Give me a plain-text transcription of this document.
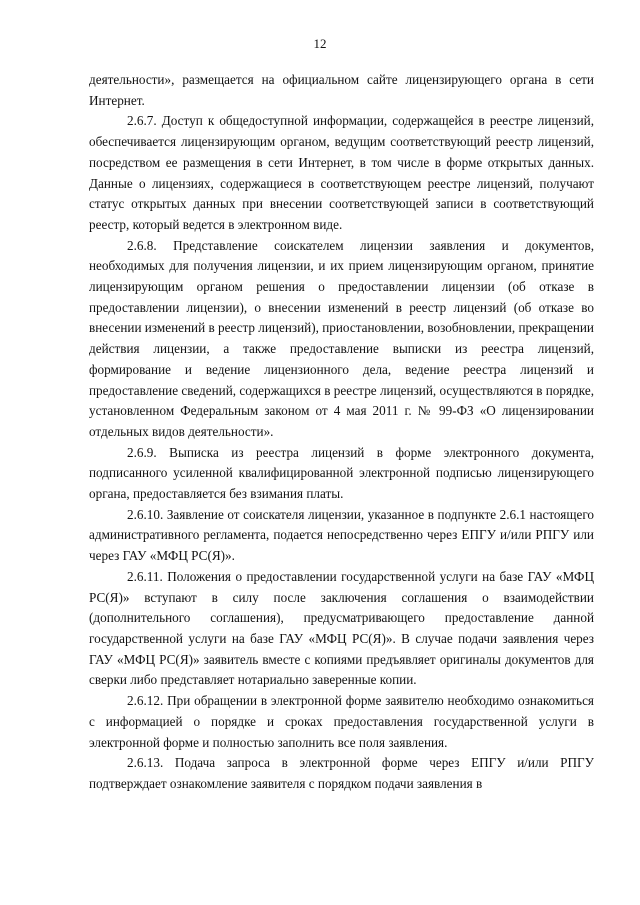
12

деятельности», размещается на официальном сайте лицензирующего органа в сети Интернет.

2.6.7. Доступ к общедоступной информации, содержащейся в реестре лицензий, обеспечивается лицензирующим органом, ведущим соответствующий реестр лицензий, посредством ее размещения в сети Интернет, в том числе в форме открытых данных. Данные о лицензиях, содержащиеся в соответствующем реестре лицензий, получают статус открытых данных при внесении соответствующей записи в соответствующий реестр, который ведется в электронном виде.

2.6.8. Представление соискателем лицензии заявления и документов, необходимых для получения лицензии, и их прием лицензирующим органом, принятие лицензирующим органом решения о предоставлении лицензии (об отказе в предоставлении лицензии), о внесении изменений в реестр лицензий (об отказе во внесении изменений в реестр лицензий), приостановлении, возобновлении, прекращении действия лицензии, а также предоставление выписки из реестра лицензий, формирование и ведение лицензионного дела, ведение реестра лицензий и предоставление сведений, содержащихся в реестре лицензий, осуществляются в порядке, установленном Федеральным законом от 4 мая 2011 г. № 99-ФЗ «О лицензировании отдельных видов деятельности».

2.6.9. Выписка из реестра лицензий в форме электронного документа, подписанного усиленной квалифицированной электронной подписью лицензирующего органа, предоставляется без взимания платы.

2.6.10. Заявление от соискателя лицензии, указанное в подпункте 2.6.1 настоящего административного регламента, подается непосредственно через ЕПГУ и/или РПГУ или через ГАУ «МФЦ РС(Я)».

2.6.11. Положения о предоставлении государственной услуги на базе ГАУ «МФЦ РС(Я)» вступают в силу после заключения соглашения о взаимодействии (дополнительного соглашения), предусматривающего предоставление данной государственной услуги на базе ГАУ «МФЦ РС(Я)». В случае подачи заявления через ГАУ «МФЦ РС(Я)» заявитель вместе с копиями предъявляет оригиналы документов для сверки либо представляет нотариально заверенные копии.

2.6.12. При обращении в электронной форме заявителю необходимо ознакомиться с информацией о порядке и сроках предоставления государственной услуги в электронной форме и полностью заполнить все поля заявления.

2.6.13. Подача запроса в электронной форме через ЕПГУ и/или РПГУ подтверждает ознакомление заявителя с порядком подачи заявления в
